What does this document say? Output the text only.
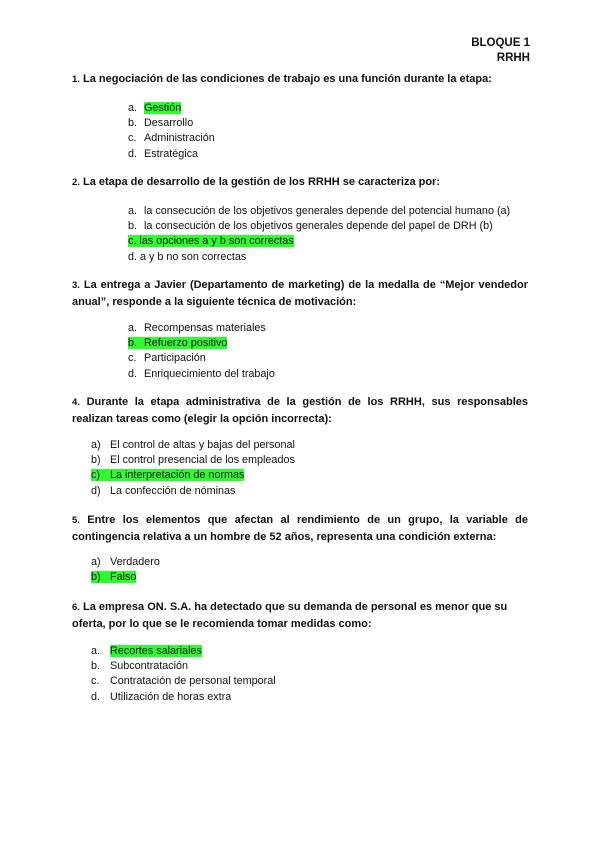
BLOQUE 1
RRHH
1. La negociación de las condiciones de trabajo es una función durante la etapa:
a. Gestión
b. Desarrollo
c. Administración
d. Estratégica
2. La etapa de desarrollo de la gestión de los RRHH se caracteriza por:
a. la consecución de los objetivos generales depende del potencial humano (a)
b. la consecución de los objetivos generales depende del papel de DRH (b)
c. las opciones a y b son correctas
d. a y b no son correctas
3. La entrega a Javier (Departamento de marketing) de la medalla de “Mejor vendedor anual”, responde a la siguiente técnica de motivación:
a. Recompensas materiales
b. Refuerzo positivo
c. Participación
d. Enriquecimiento del trabajo
4. Durante la etapa administrativa de la gestión de los RRHH, sus responsables realizan tareas como (elegir la opción incorrecta):
a) El control de altas y bajas del personal
b) El control presencial de los empleados
c) La interpretación de normas
d) La confección de nóminas
5. Entre los elementos que afectan al rendimiento de un grupo, la variable de contingencia relativa a un hombre de 52 años, representa una condición externa:
a) Verdadero
b) Falso
6. La empresa ON. S.A. ha detectado que su demanda de personal es menor que su oferta, por lo que se le recomienda tomar medidas como:
a. Recortes salariales
b. Subcontratación
c. Contratación de personal temporal
d. Utilización de horas extra
